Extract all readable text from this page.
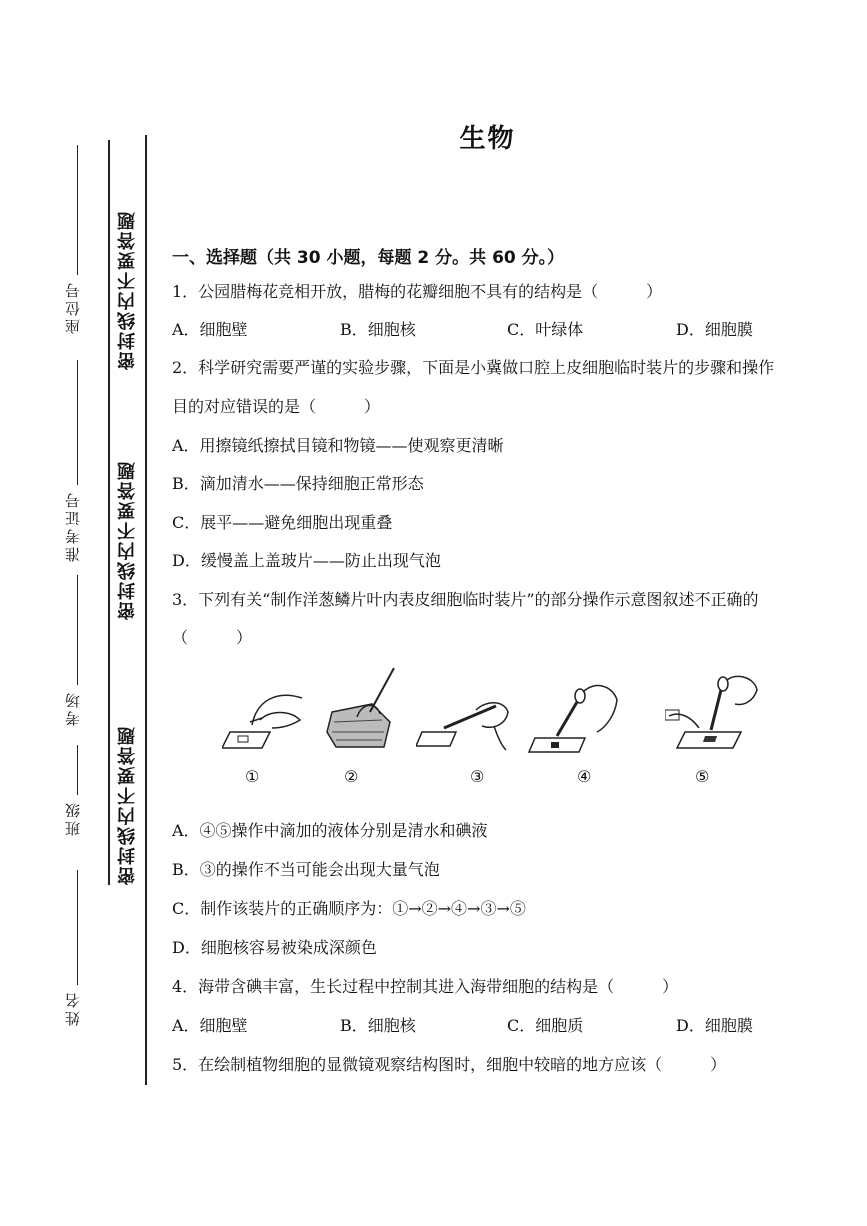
生物
密封线内不要答题
密封线内不要答题
密封线内不要答题
座位号
准考证号
考场
班级
姓名
一、选择题（共 30 小题，每题 2 分。共 60 分。）
1．公园腊梅花竞相开放，腊梅的花瓣细胞不具有的结构是（　　　）
A．细胞壁	B．细胞核	C．叶绿体	D．细胞膜
2．科学研究需要严谨的实验步骤，下面是小冀做口腔上皮细胞临时装片的步骤和操作
目的对应错误的是（　　　）
A．用擦镜纸擦拭目镜和物镜——使观察更清晰
B．滴加清水——保持细胞正常形态
C．展平——避免细胞出现重叠
D．缓慢盖上盖玻片——防止出现气泡
3．下列有关“制作洋葱鳞片叶内表皮细胞临时装片”的部分操作示意图叙述不正确的
（　　　）
①	②	③	④	⑤
A．④⑤操作中滴加的液体分别是清水和碘液
B．③的操作不当可能会出现大量气泡
C．制作该装片的正确顺序为：①→②→④→③→⑤
D．细胞核容易被染成深颜色
4．海带含碘丰富，生长过程中控制其进入海带细胞的结构是（　　　）
A．细胞壁	B．细胞核	C．细胞质	D．细胞膜
5．在绘制植物细胞的显微镜观察结构图时，细胞中较暗的地方应该（　　　）
